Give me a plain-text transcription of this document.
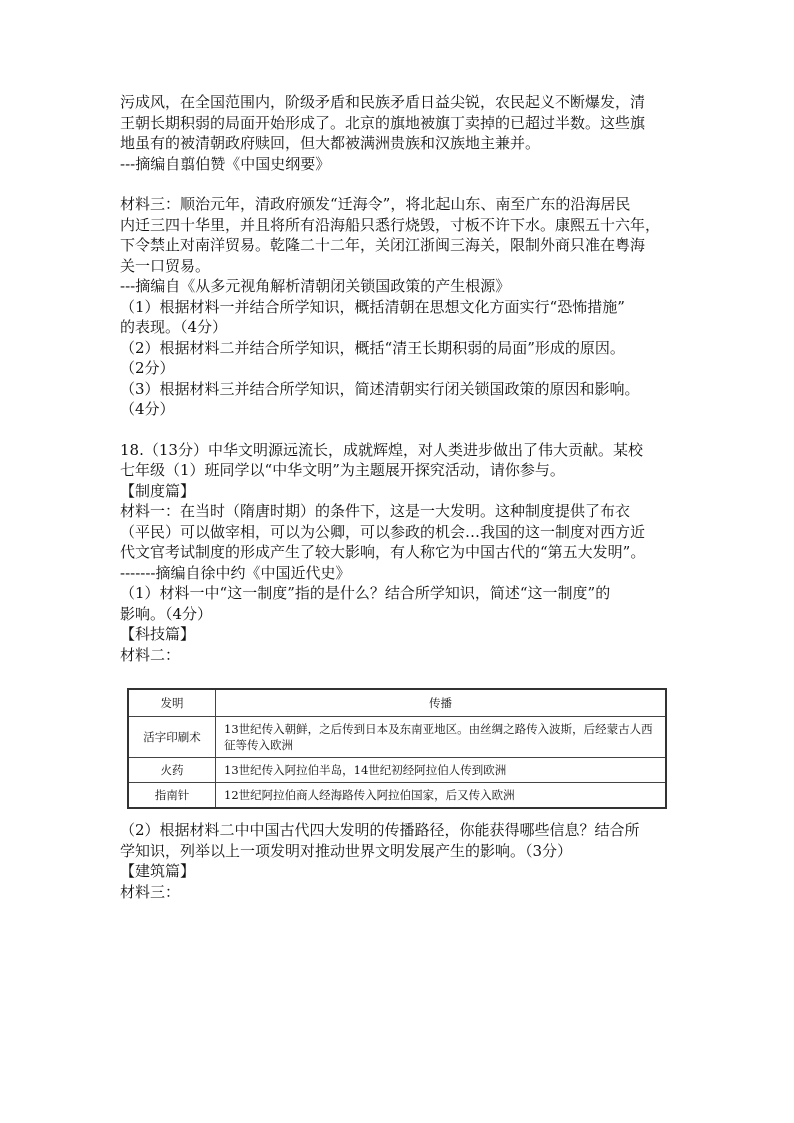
污成风，在全国范围内，阶级矛盾和民族矛盾日益尖锐，农民起义不断爆发，清
王朝长期积弱的局面开始形成了。北京的旗地被旗丁卖掉的已超过半数。这些旗
地虽有的被清朝政府赎回，但大都被满洲贵族和汉族地主兼并。
---摘编自翦伯赞《中国史纲要》
材料三：顺治元年，清政府颁发“迁海令”，将北起山东、南至广东的沿海居民
内迁三四十华里，并且将所有沿海船只悉行烧毁，寸板不许下水。康熙五十六年，
下令禁止对南洋贸易。乾隆二十二年，关闭江浙闽三海关，限制外商只准在粤海
关一口贸易。
---摘编自《从多元视角解析清朝闭关锁国政策的产生根源》
（1）根据材料一并结合所学知识，概括清朝在思想文化方面实行“恐怖措施”
的表现。（4分）
（2）根据材料二并结合所学知识，概括“清王长期积弱的局面”形成的原因。
（2分）
（3）根据材料三并结合所学知识，简述清朝实行闭关锁国政策的原因和影响。
（4分）
18.（13分）中华文明源远流长，成就辉煌，对人类进步做出了伟大贡献。某校
七年级（1）班同学以“中华文明”为主题展开探究活动，请你参与。
【制度篇】
材料一：在当时（隋唐时期）的条件下，这是一大发明。这种制度提供了布衣
（平民）可以做宰相，可以为公卿，可以参政的机会…我国的这一制度对西方近
代文官考试制度的形成产生了较大影响，有人称它为中国古代的“第五大发明”。
-------摘编自徐中约《中国近代史》
（1）材料一中“这一制度”指的是什么？结合所学知识，简述“这一制度”的
影响。（4分）
【科技篇】
材料二：
发明	传播
活字印刷术	13世纪传入朝鲜，之后传到日本及东南亚地区。由丝绸之路传入波斯，后经蒙古人西征等传入欧洲
火药	13世纪传入阿拉伯半岛，14世纪初经阿拉伯人传到欧洲
指南针	12世纪阿拉伯商人经海路传入阿拉伯国家，后又传入欧洲
（2）根据材料二中中国古代四大发明的传播路径，你能获得哪些信息？结合所
学知识，列举以上一项发明对推动世界文明发展产生的影响。（3分）
【建筑篇】
材料三：
